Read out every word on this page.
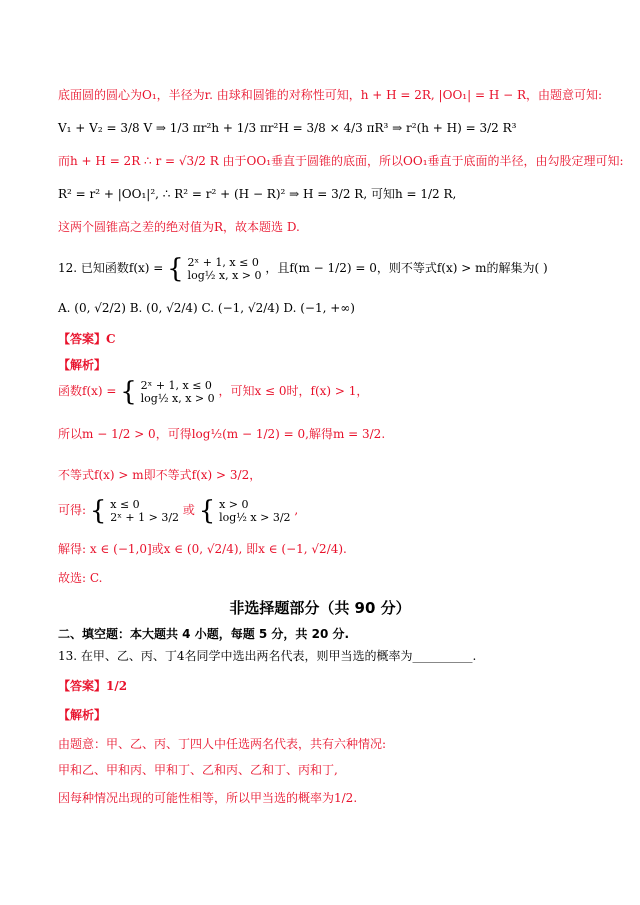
底面圆的圆心为O₁，半径为r. 由球和圆锥的对称性可知，h + H = 2R, |OO₁| = H − R，由题意可知:
V₁ + V₂ = 3/8 V ⇒ 1/3 πr²h + 1/3 πr²H = 3/8 × 4/3 πR³ ⇒ r²(h + H) = 3/2 R³
而h + H = 2R ∴ r = √3/2 R 由于OO₁垂直于圆锥的底面，所以OO₁垂直于底面的半径，由勾股定理可知:
R² = r² + |OO₁|², ∴ R² = r² + (H − R)² ⇒ H = 3/2 R, 可知h = 1/2 R,
这两个圆锥高之差的绝对值为R，故本题选 D.
12. 已知函数f(x) = { 2ˣ + 1, x ≤ 0
log½ x, x > 0 ，且f(m − 1/2) = 0，则不等式f(x) > m的解集为( )
A. (0, √2/2) B. (0, √2/4) C. (−1, √2/4) D. (−1, +∞)
【答案】C
【解析】
函数f(x) = { 2ˣ + 1, x ≤ 0
log½ x, x > 0 ，可知x ≤ 0时，f(x) > 1，
所以m − 1/2 > 0，可得log½(m − 1/2) = 0,解得m = 3/2.
不等式f(x) > m即不等式f(x) > 3/2，
可得: { x ≤ 0
2ˣ + 1 > 3/2 或 { x > 0
log½ x > 3/2 ,
解得: x ∈ (−1,0]或x ∈ (0, √2/4), 即x ∈ (−1, √2/4).
故选: C.
非选择题部分（共 90 分）
二、填空题：本大题共 4 小题，每题 5 分，共 20 分.
13. 在甲、乙、丙、丁4名同学中选出两名代表，则甲当选的概率为__________.
【答案】1/2
【解析】
由题意：甲、乙、丙、丁四人中任选两名代表，共有六种情况:
甲和乙、甲和丙、甲和丁、乙和丙、乙和丁、丙和丁,
因每种情况出现的可能性相等，所以甲当选的概率为1/2.
